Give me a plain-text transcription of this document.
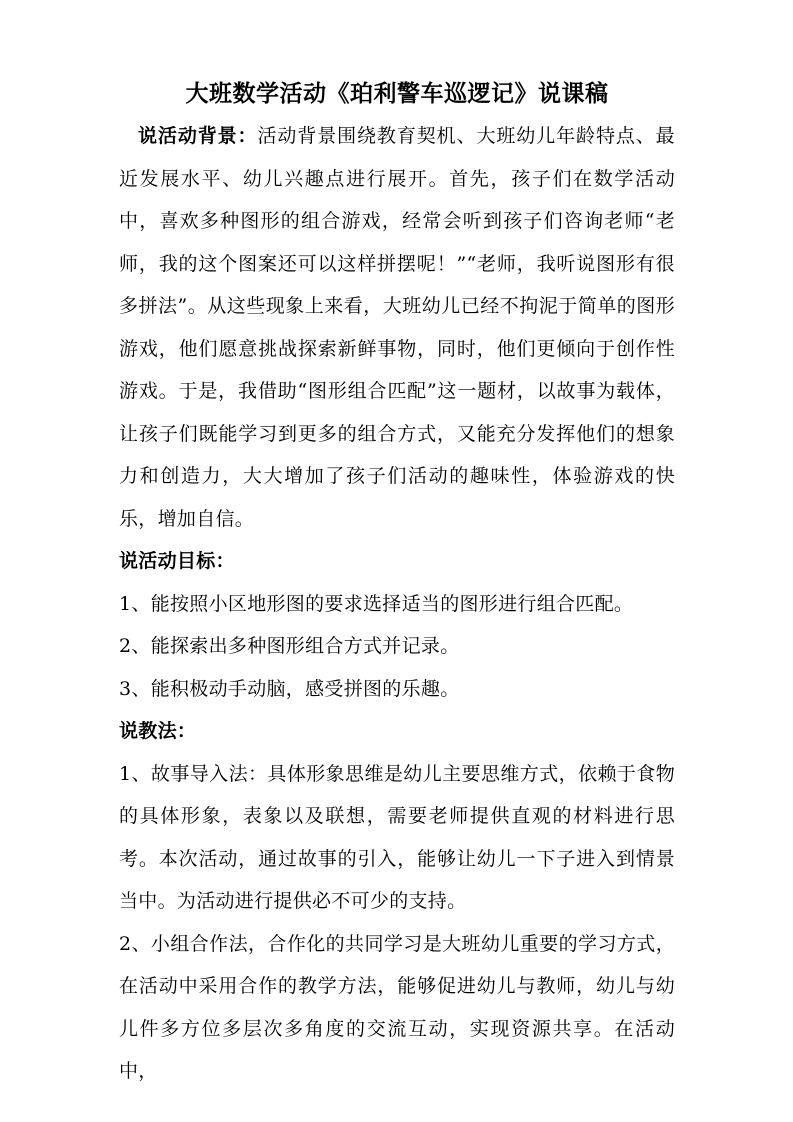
大班数学活动《珀利警车巡逻记》说课稿

说活动背景：活动背景围绕教育契机、大班幼儿年龄特点、最近发展水平、幼儿兴趣点进行展开。首先，孩子们在数学活动中，喜欢多种图形的组合游戏，经常会听到孩子们咨询老师“老师，我的这个图案还可以这样拼摆呢！”“老师，我听说图形有很多拼法”。从这些现象上来看，大班幼儿已经不拘泥于简单的图形游戏，他们愿意挑战探索新鲜事物，同时，他们更倾向于创作性游戏。于是，我借助“图形组合匹配”这一题材，以故事为载体，让孩子们既能学习到更多的组合方式，又能充分发挥他们的想象力和创造力，大大增加了孩子们活动的趣味性，体验游戏的快乐，增加自信。

说活动目标：

1、能按照小区地形图的要求选择适当的图形进行组合匹配。

2、能探索出多种图形组合方式并记录。

3、能积极动手动脑，感受拼图的乐趣。

说教法：

1、故事导入法：具体形象思维是幼儿主要思维方式，依赖于食物的具体形象，表象以及联想，需要老师提供直观的材料进行思考。本次活动，通过故事的引入，能够让幼儿一下子进入到情景当中。为活动进行提供必不可少的支持。

2、小组合作法，合作化的共同学习是大班幼儿重要的学习方式，在活动中采用合作的教学方法，能够促进幼儿与教师，幼儿与幼儿件多方位多层次多角度的交流互动，实现资源共享。在活动中，
